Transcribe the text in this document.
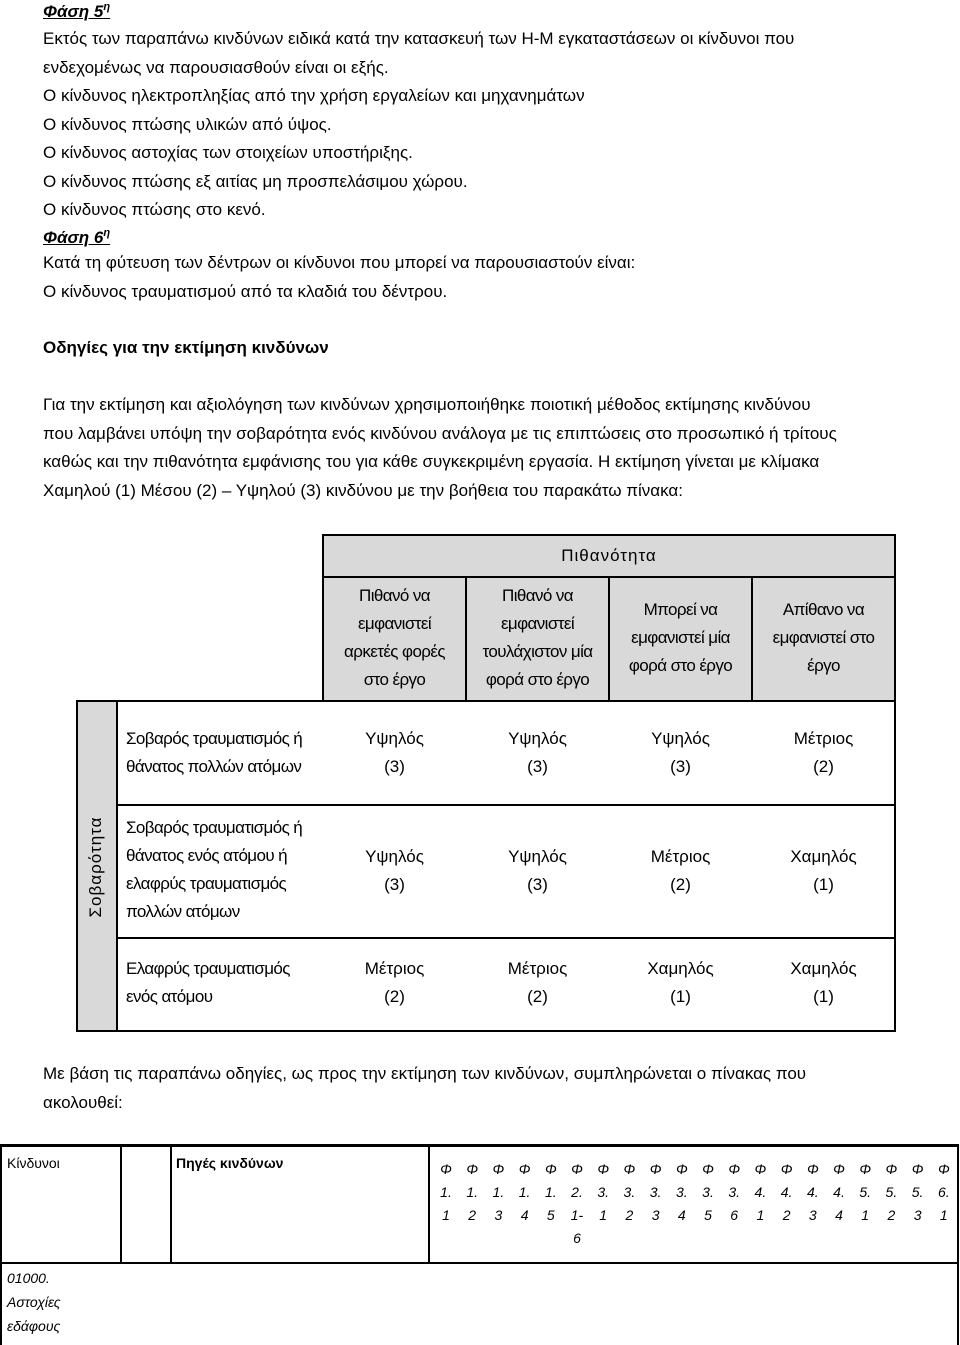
Φάση $5^\eta$
Εκτός των παραπάνω κινδύνων ειδικά κατά την κατασκευή των Η-Μ εγκαταστάσεων οι κίνδυνοι που
ενδεχομένως να παρουσιασθούν είναι οι εξής.
Ο κίνδυνος ηλεκτροπληξίας από την χρήση εργαλείων και μηχανημάτων
Ο κίνδυνος πτώσης υλικών από ύψος.
Ο κίνδυνος αστοχίας των στοιχείων υποστήριξης.
Ο κίνδυνος πτώσης εξ αιτίας μη προσπελάσιμου χώρου.
Ο κίνδυνος πτώσης στο κενό.
Φάση $6^\eta$
Κατά τη φύτευση των δέντρων οι κίνδυνοι που μπορεί να παρουσιαστούν είναι:
Ο κίνδυνος τραυματισμού από τα κλαδιά του δέντρου.
Οδηγίες για την εκτίμηση κινδύνων
Για την εκτίμηση και αξιολόγηση των κινδύνων χρησιμοποιήθηκε ποιοτική μέθοδος εκτίμησης κινδύνου
που λαμβάνει υπόψη την σοβαρότητα ενός κινδύνου ανάλογα με τις επιπτώσεις στο προσωπικό ή τρίτους
καθώς και την πιθανότητα εμφάνισης του για κάθε συγκεκριμένη εργασία. Η εκτίμηση γίνεται με κλίμακα
Χαμηλού (1) Μέσου (2) – Υψηλού (3) κινδύνου με την βοήθεια του παρακάτω πίνακα:
Πιθανότητα
Πιθανό να
εμφανιστεί
αρκετές φορές
στο έργο
Πιθανό να
εμφανιστεί
τουλάχιστον μία
φορά στο έργο
Μπορεί να
εμφανιστεί μία
φορά στο έργο
Απίθανο να
εμφανιστεί στο
έργο
Σοβαρότητα
Σοβαρός τραυματισμός ή
θάνατος πολλών ατόμων
Υψηλός
(3)
Υψηλός
(3)
Υψηλός
(3)
Μέτριος
(2)
Σοβαρός τραυματισμός ή
θάνατος ενός ατόμου ή
ελαφρύς τραυματισμός
πολλών ατόμων
Υψηλός
(3)
Υψηλός
(3)
Μέτριος
(2)
Χαμηλός
(1)
Ελαφρύς τραυματισμός
ενός ατόμου
Μέτριος
(2)
Μέτριος
(2)
Χαμηλός
(1)
Χαμηλός
(1)
Με βάση τις παραπάνω οδηγίες, ως προς την εκτίμηση των κινδύνων, συμπληρώνεται ο πίνακας που
ακολουθεί:
Κίνδυνοι	Πηγές κινδύνων
01000.
Αστοχίες
εδάφους
Φ
1.
1
Φ
1.
2
Φ
1.
3
Φ
1.
4
Φ
1.
5
Φ
2.
1-
6
Φ
3.
1
Φ
3.
2
Φ
3.
3
Φ
3.
4
Φ
3.
5
Φ
3.
6
Φ
4.
1
Φ
4.
2
Φ
4.
3
Φ
4.
4
Φ
5.
1
Φ
5.
2
Φ
5.
3
Φ
6.
1
